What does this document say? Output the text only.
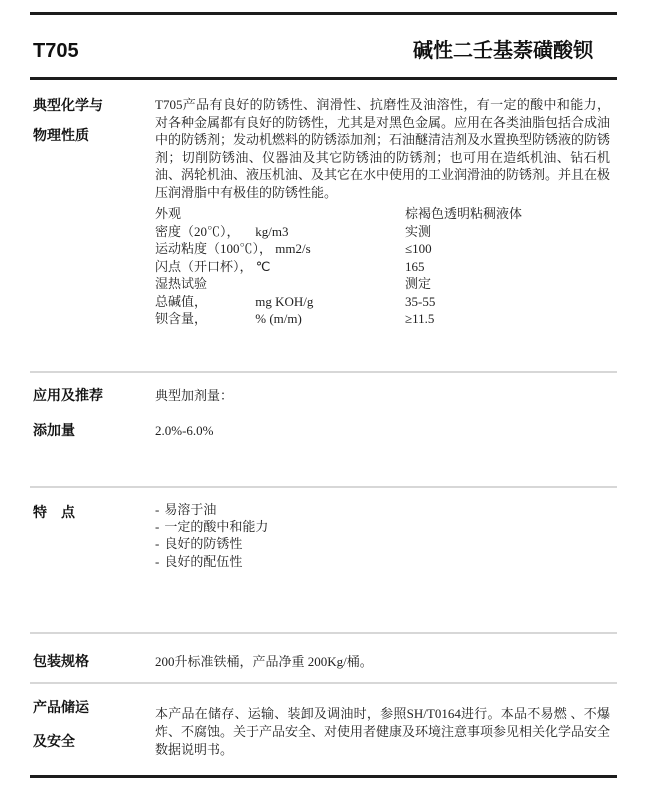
T705	碱性二壬基萘磺酸钡
典型化学与
物理性质
T705产品有良好的防锈性、润滑性、抗磨性及油溶性，有一定的酸中和能力，对各种金属都有良好的防锈性，尤其是对黑色金属。应用在各类油脂包括合成油中的防锈剂；发动机燃料的防锈添加剂；石油醚清洁剂及水置换型防锈液的防锈剂；切削防锈油、仪器油及其它防锈油的防锈剂；也可用在造纸机油、钻石机油、涡轮机油、液压机油、及其它在水中使用的工业润滑油的防锈剂。并且在极压润滑脂中有极佳的防锈性能。
外观	棕褐色透明粘稠液体
密度（20℃）， kg/m3	实测
运动粘度（100℃）， mm2/s	≤100
闪点（开口杯）， ℃	165
湿热试验	测定
总碱值，	mg KOH/g	35-55
钡含量，	% (m/m)	≥11.5
应用及推荐	典型加剂量：
添加量	2.0%-6.0%
特　点	- 易溶于油
- 一定的酸中和能力
- 良好的防锈性
- 良好的配伍性
包装规格	200升标准铁桶，产品净重 200Kg/桶。
产品储运
及安全
本产品在储存、运输、装卸及调油时，参照SH/T0164进行。本品不易燃 、不爆炸、不腐蚀。关于产品安全、对使用者健康及环境注意事项参见相关化学品安全数据说明书。
